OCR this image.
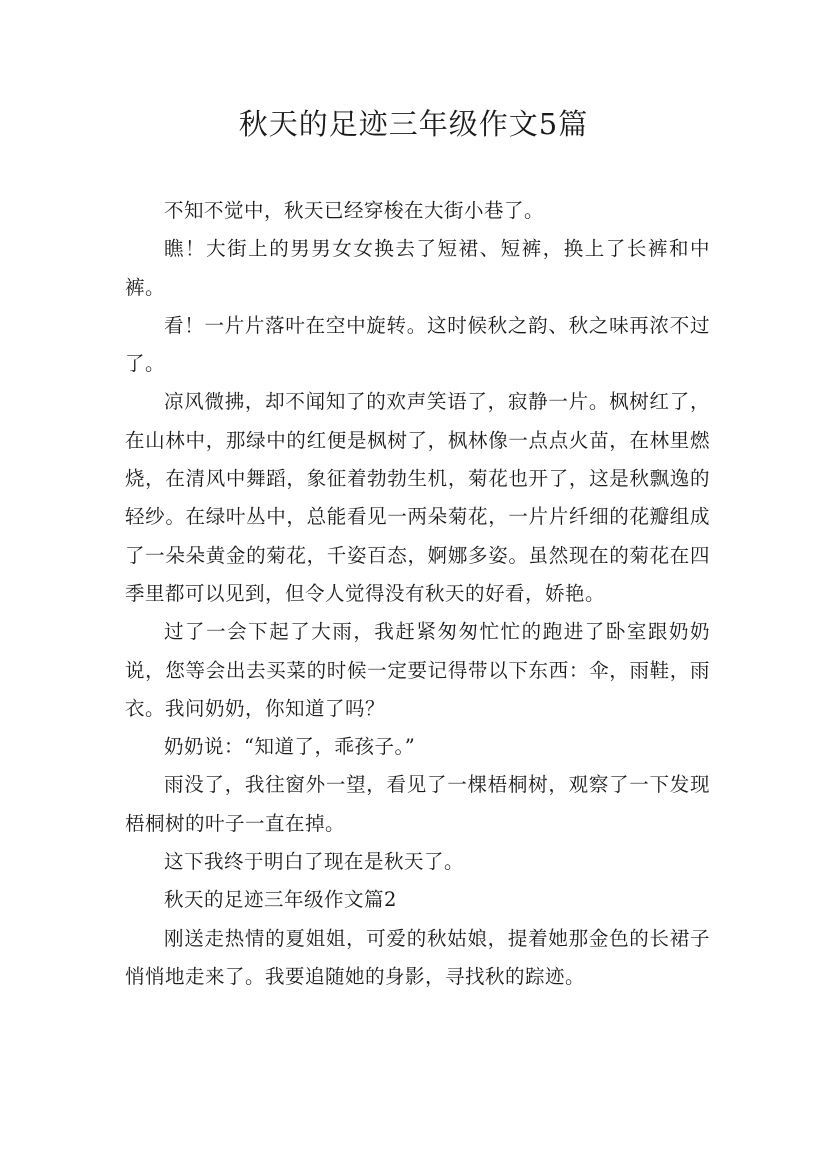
秋天的足迹三年级作文5篇

不知不觉中，秋天已经穿梭在大街小巷了。

瞧！大街上的男男女女换去了短裙、短裤，换上了长裤和中裤。

看！一片片落叶在空中旋转。这时候秋之韵、秋之味再浓不过了。

凉风微拂，却不闻知了的欢声笑语了，寂静一片。枫树红了，在山林中，那绿中的红便是枫树了，枫林像一点点火苗，在林里燃烧，在清风中舞蹈，象征着勃勃生机，菊花也开了，这是秋飘逸的轻纱。在绿叶丛中，总能看见一两朵菊花，一片片纤细的花瓣组成了一朵朵黄金的菊花，千姿百态，婀娜多姿。虽然现在的菊花在四季里都可以见到，但令人觉得没有秋天的好看，娇艳。

过了一会下起了大雨，我赶紧匆匆忙忙的跑进了卧室跟奶奶说，您等会出去买菜的时候一定要记得带以下东西：伞，雨鞋，雨衣。我问奶奶，你知道了吗？

奶奶说：“知道了，乖孩子。”

雨没了，我往窗外一望，看见了一棵梧桐树，观察了一下发现梧桐树的叶子一直在掉。

这下我终于明白了现在是秋天了。

秋天的足迹三年级作文篇2

刚送走热情的夏姐姐，可爱的秋姑娘，提着她那金色的长裙子悄悄地走来了。我要追随她的身影，寻找秋的踪迹。
